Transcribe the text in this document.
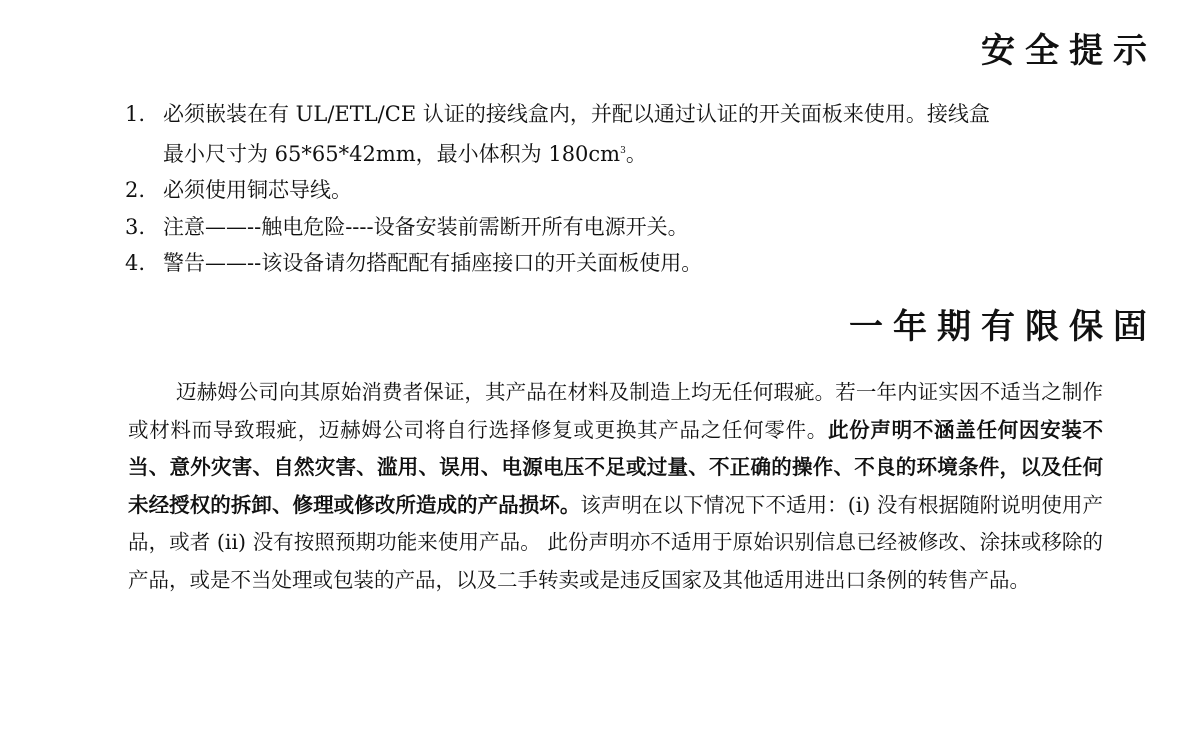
安全提示
1. 必须嵌装在有 UL/ETL/CE 认证的接线盒内，并配以通过认证的开关面板来使用。接线盒
最小尺寸为 65*65*42mm，最小体积为 $180cm^3$。
2. 必须使用铜芯导线。
3. 注意——--触电危险----设备安装前需断开所有电源开关。
4. 警告——--该设备请勿搭配配有插座接口的开关面板使用。
一年期有限保固

迈赫姆公司向其原始消费者保证，其产品在材料及制造上均无任何瑕疵。若一年内证实因不适当之制作或材料而导致瑕疵，迈赫姆公司将自行选择修复或更换其产品之任何零件。此份声明不涵盖任何因安装不当、意外灾害、自然灾害、滥用、误用、电源电压不足或过量、不正确的操作、不良的环境条件，以及任何未经授权的拆卸、修理或修改所造成的产品损坏。该声明在以下情况下不适用：(i) 没有根据随附说明使用产品，或者 (ii) 没有按照预期功能来使用产品。 此份声明亦不适用于原始识别信息已经被修改、涂抹或移除的产品，或是不当处理或包装的产品，以及二手转卖或是违反国家及其他适用进出口条例的转售产品。
